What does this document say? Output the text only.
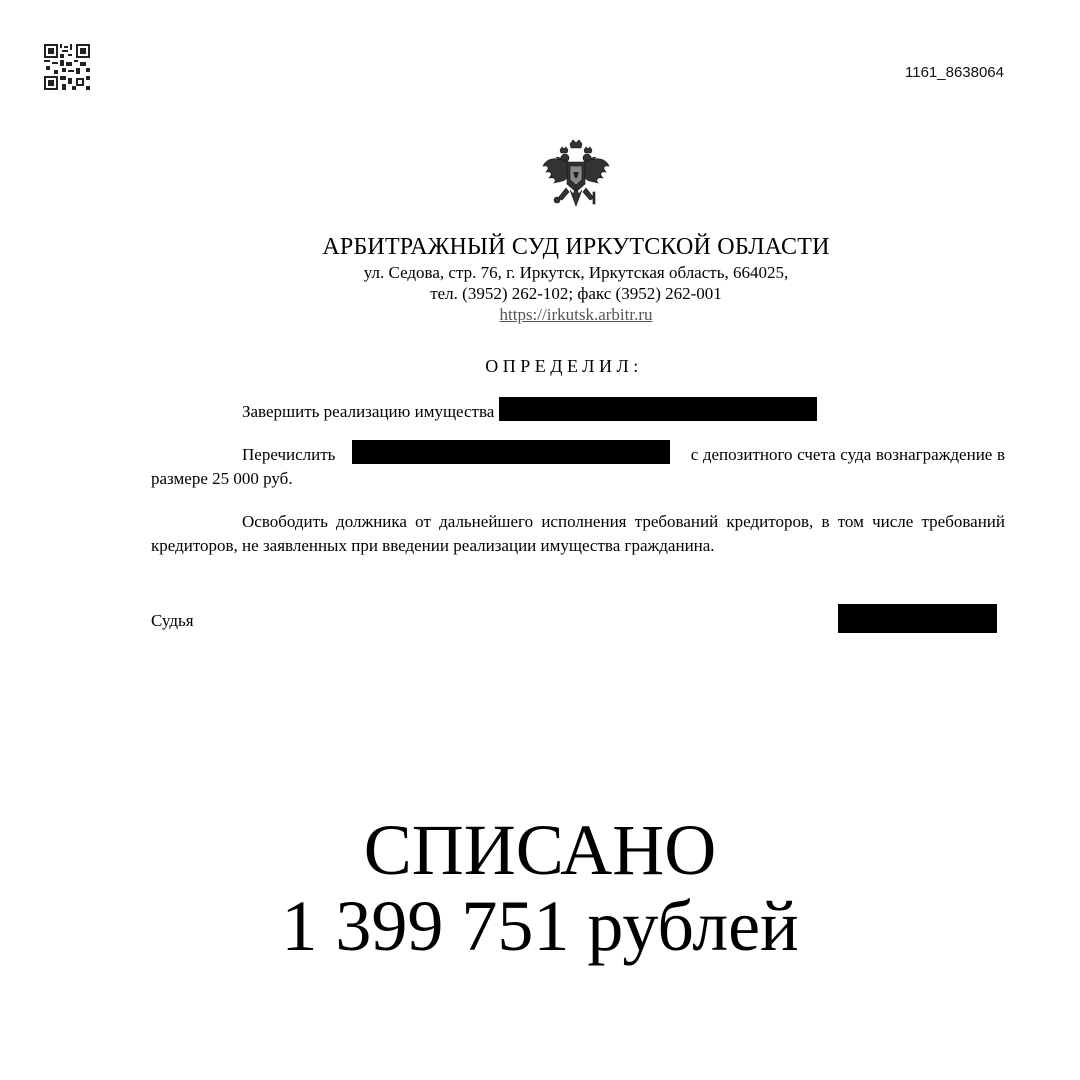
1161_8638064
АРБИТРАЖНЫЙ СУД ИРКУТСКОЙ ОБЛАСТИ
ул. Седова, стр. 76, г. Иркутск, Иркутская область, 664025,
тел. (3952) 262-102; факс (3952) 262-001
https://irkutsk.arbitr.ru
ОПРЕДЕЛИЛ:
Завершить реализацию имущества
Перечислить	с депозитного счета суда вознаграждение в размере 25 000 руб.
Освободить должника от дальнейшего исполнения требований кредиторов, в том числе требований кредиторов, не заявленных при введении реализации имущества гражданина.
Судья
СПИСАНО
1 399 751 рублей
